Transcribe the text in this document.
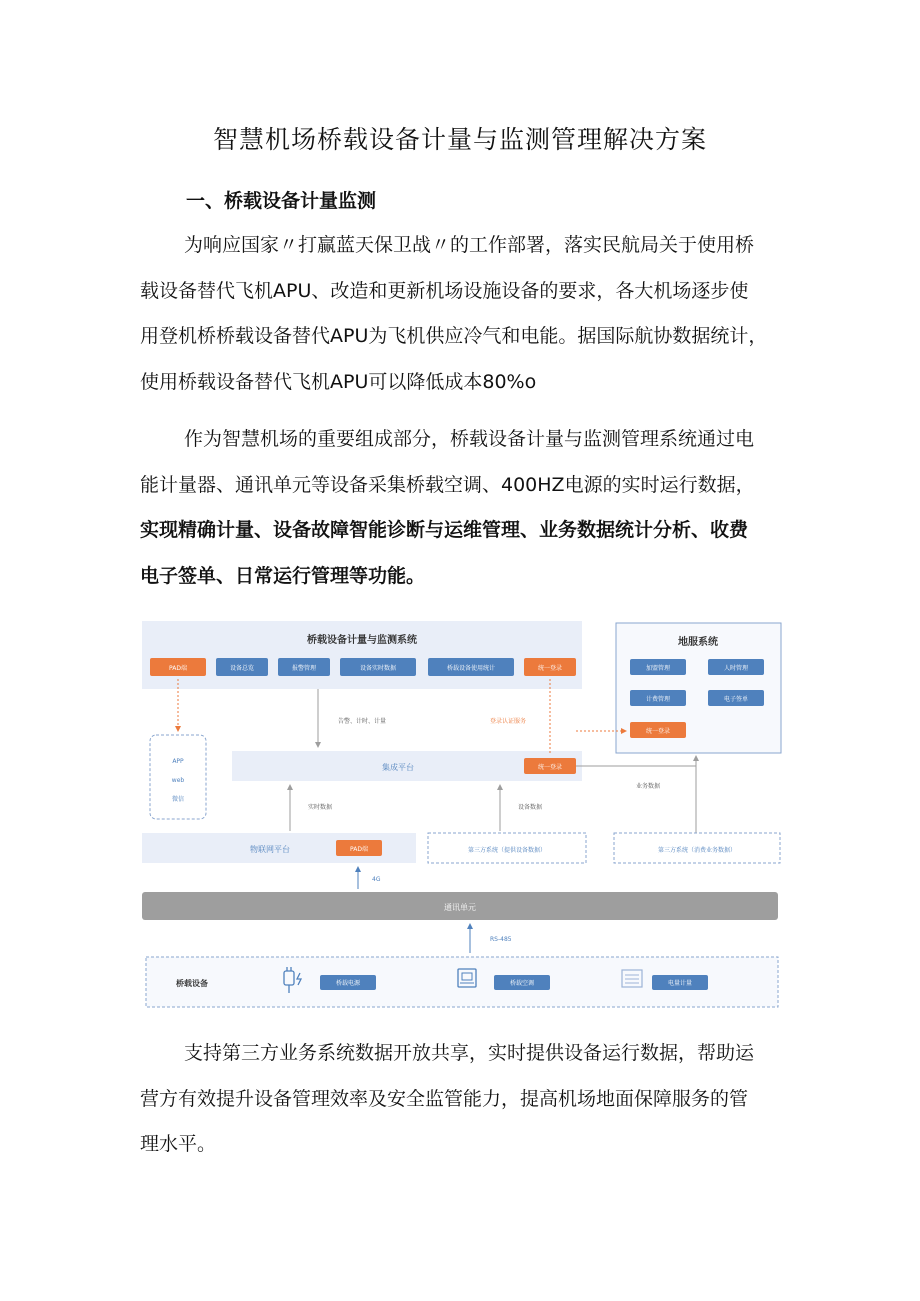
智慧机场桥载设备计量与监测管理解决方案
一、桥载设备计量监测
为响应国家〃打赢蓝天保卫战〃的工作部署，落实民航局关于使用桥
载设备替代飞机APU、改造和更新机场设施设备的要求，各大机场逐步使
用登机桥桥载设备替代APU为飞机供应冷气和电能。据国际航协数据统计，
使用桥载设备替代飞机APU可以降低成本80%o
作为智慧机场的重要组成部分，桥载设备计量与监测管理系统通过电
能计量器、通讯单元等设备采集桥载空调、400HZ电源的实时运行数据，
实现精确计量、设备故障智能诊断与运维管理、业务数据统计分析、收费
电子签单、日常运行管理等功能。
桥载设备计量与监测系统
PAD端	设备总览	报警管理	设备实时数据	桥载设备使用统计	统一登录
地服系统
加盟管理	人时管理
计费管理	电子签单
统一登录
APP
web
微信
集成平台	统一登录
告警、计时、计量	登录认证服务
业务数据
实时数据	设备数据
物联网平台	PAD端	第三方系统（提供设备数据）	第三方系统（消费业务数据）
4G
通讯单元
RS-485
桥载设备	桥载电源	桥载空调	电量计量
支持第三方业务系统数据开放共享，实时提供设备运行数据，帮助运
营方有效提升设备管理效率及安全监管能力，提高机场地面保障服务的管
理水平。
